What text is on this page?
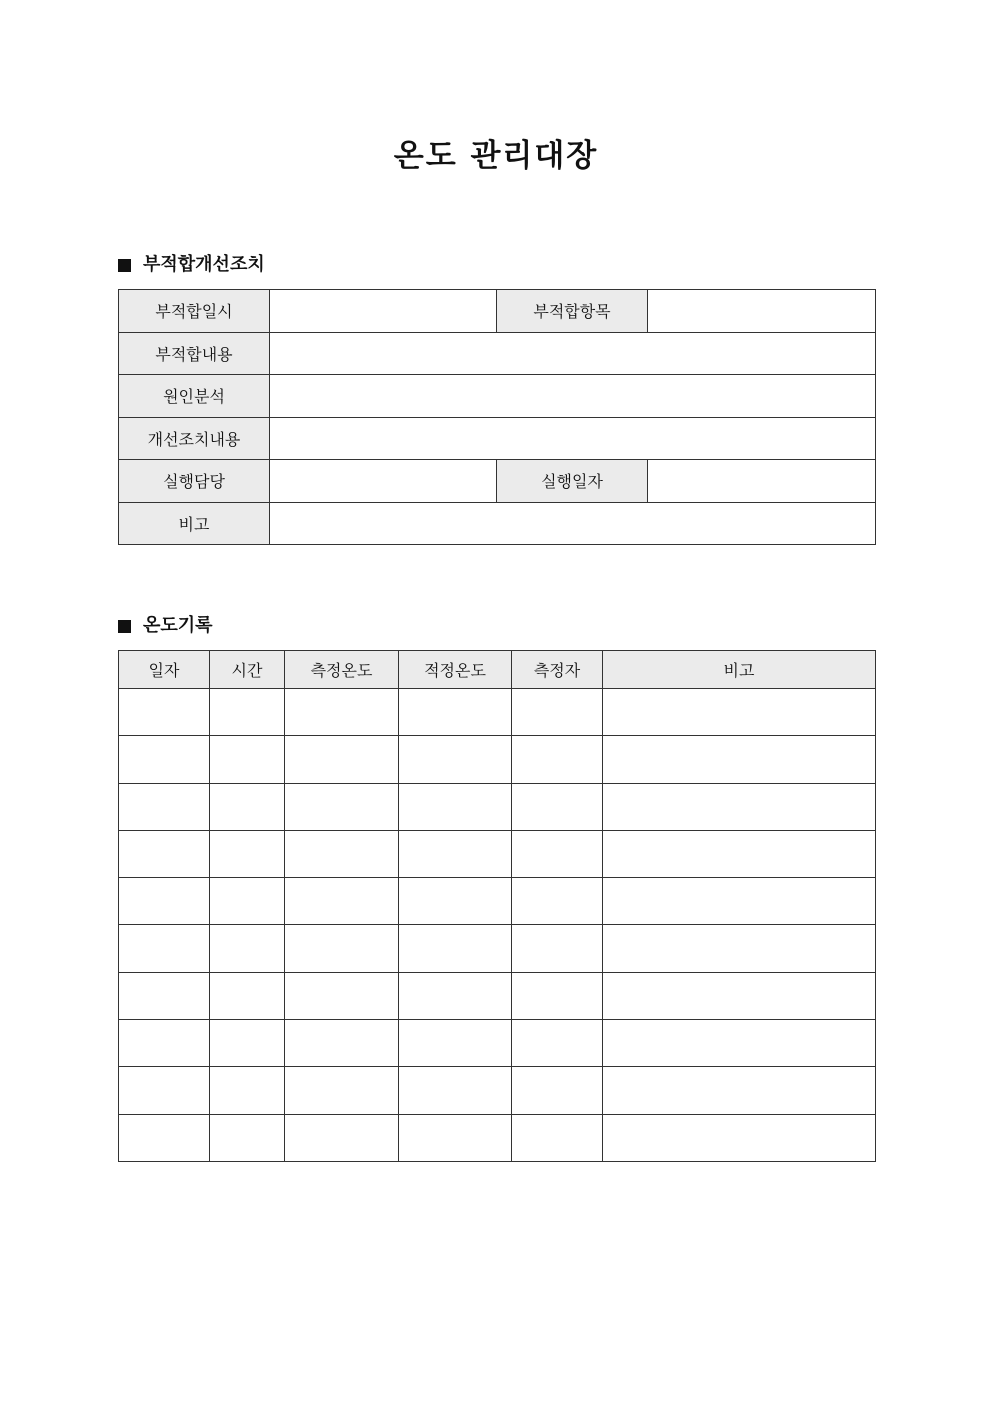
온도 관리대장
부적합개선조치
부적합일시		부적합항목	
부적합내용			
원인분석			
개선조치내용			
실행담당		실행일자	
비고			
온도기록
일자	시간	측정온도	적정온도	측정자	비고
